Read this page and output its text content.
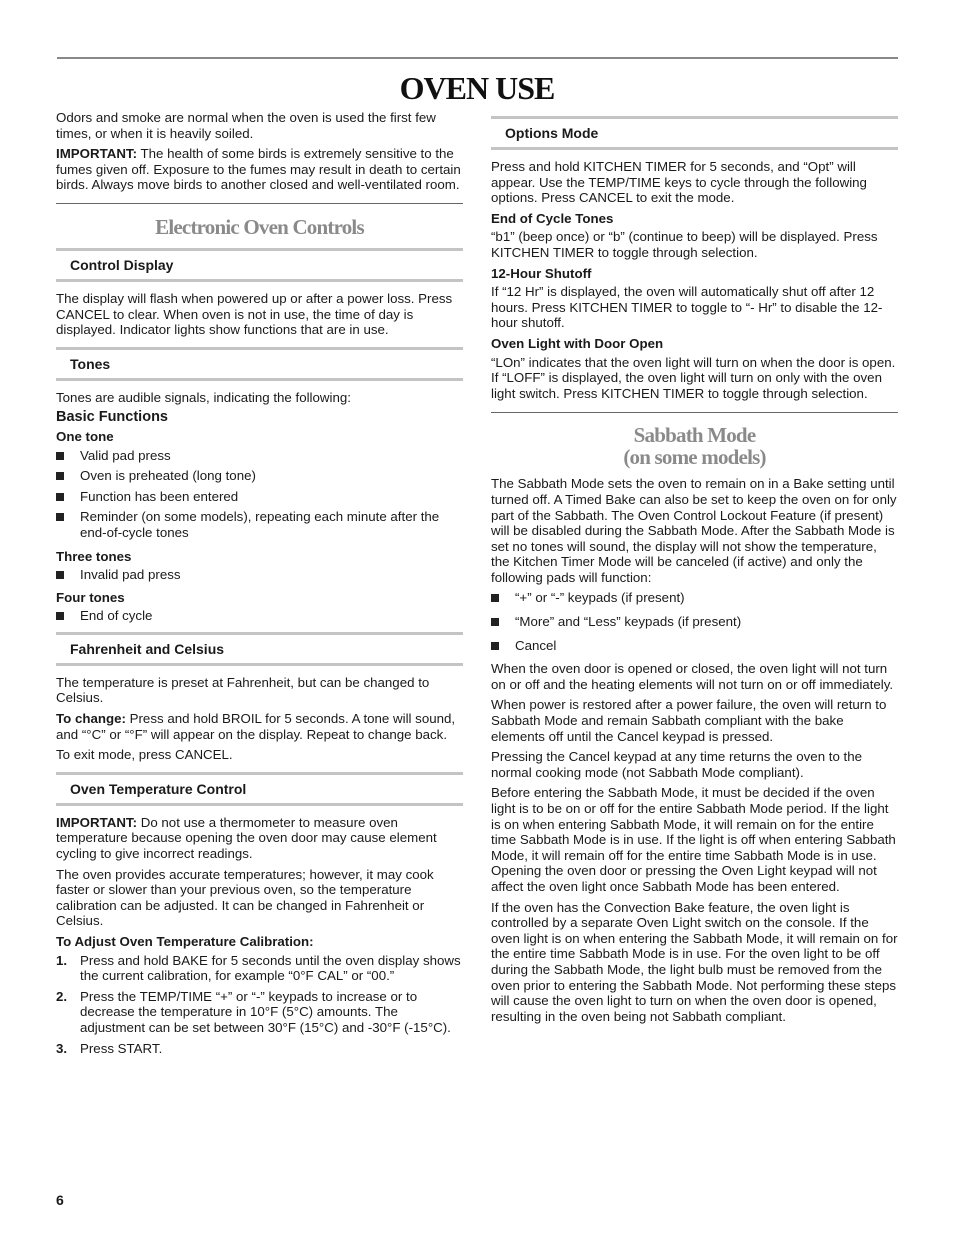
OVEN USE

Odors and smoke are normal when the oven is used the first few times, or when it is heavily soiled.

IMPORTANT: The health of some birds is extremely sensitive to the fumes given off. Exposure to the fumes may result in death to certain birds. Always move birds to another closed and well-ventilated room.

Electronic Oven Controls
Control Display

The display will flash when powered up or after a power loss. Press CANCEL to clear. When oven is not in use, the time of day is displayed. Indicator lights show functions that are in use.

Tones

Tones are audible signals, indicating the following:

Basic Functions

One tone

Valid pad press
Oven is preheated (long tone)
Function has been entered
Reminder (on some models), repeating each minute after the end-of-cycle tones

Three tones

Invalid pad press

Four tones

End of cycle
Fahrenheit and Celsius

The temperature is preset at Fahrenheit, but can be changed to Celsius.

To change: Press and hold BROIL for 5 seconds. A tone will sound, and “°C” or “°F” will appear on the display. Repeat to change back.

To exit mode, press CANCEL.

Oven Temperature Control

IMPORTANT: Do not use a thermometer to measure oven temperature because opening the oven door may cause element cycling to give incorrect readings.

The oven provides accurate temperatures; however, it may cook faster or slower than your previous oven, so the temperature calibration can be adjusted. It can be changed in Fahrenheit or Celsius.

To Adjust Oven Temperature Calibration:

1. Press and hold BAKE for 5 seconds until the oven display shows the current calibration, for example “0°F CAL” or “00.”
2. Press the TEMP/TIME “+” or “-” keypads to increase or to decrease the temperature in 10°F (5°C) amounts. The adjustment can be set between 30°F (15°C) and -30°F (-15°C).
3. Press START.
Options Mode

Press and hold KITCHEN TIMER for 5 seconds, and “Opt” will appear. Use the TEMP/TIME keys to cycle through the following options. Press CANCEL to exit the mode.

End of Cycle Tones

“b1” (beep once) or “b” (continue to beep) will be displayed. Press KITCHEN TIMER to toggle through selection.

12-Hour Shutoff

If “12 Hr” is displayed, the oven will automatically shut off after 12 hours. Press KITCHEN TIMER to toggle to “- Hr” to disable the 12-hour shutoff.

Oven Light with Door Open

“LOn” indicates that the oven light will turn on when the door is open. If “LOFF” is displayed, the oven light will turn on only with the oven light switch. Press KITCHEN TIMER to toggle through selection.

Sabbath Mode
(on some models)

The Sabbath Mode sets the oven to remain on in a Bake setting until turned off. A Timed Bake can also be set to keep the oven on for only part of the Sabbath. The Oven Control Lockout Feature (if present) will be disabled during the Sabbath Mode. After the Sabbath Mode is set no tones will sound, the display will not show the temperature, the Kitchen Timer Mode will be canceled (if active) and only the following pads will function:

“+” or “-” keypads (if present)
“More” and “Less” keypads (if present)
Cancel

When the oven door is opened or closed, the oven light will not turn on or off and the heating elements will not turn on or off immediately.

When power is restored after a power failure, the oven will return to Sabbath Mode and remain Sabbath compliant with the bake elements off until the Cancel keypad is pressed.

Pressing the Cancel keypad at any time returns the oven to the normal cooking mode (not Sabbath Mode compliant).

Before entering the Sabbath Mode, it must be decided if the oven light is to be on or off for the entire Sabbath Mode period. If the light is on when entering Sabbath Mode, it will remain on for the entire time Sabbath Mode is in use. If the light is off when entering Sabbath Mode, it will remain off for the entire time Sabbath Mode is in use. Opening the oven door or pressing the Oven Light keypad will not affect the oven light once Sabbath Mode has been entered.

If the oven has the Convection Bake feature, the oven light is controlled by a separate Oven Light switch on the console. If the oven light is on when entering the Sabbath Mode, it will remain on for the entire time Sabbath Mode is in use. For the oven light to be off during the Sabbath Mode, the light bulb must be removed from the oven prior to entering the Sabbath Mode. Not performing these steps will cause the oven light to turn on when the oven door is opened, resulting in the oven being not Sabbath compliant.

6
